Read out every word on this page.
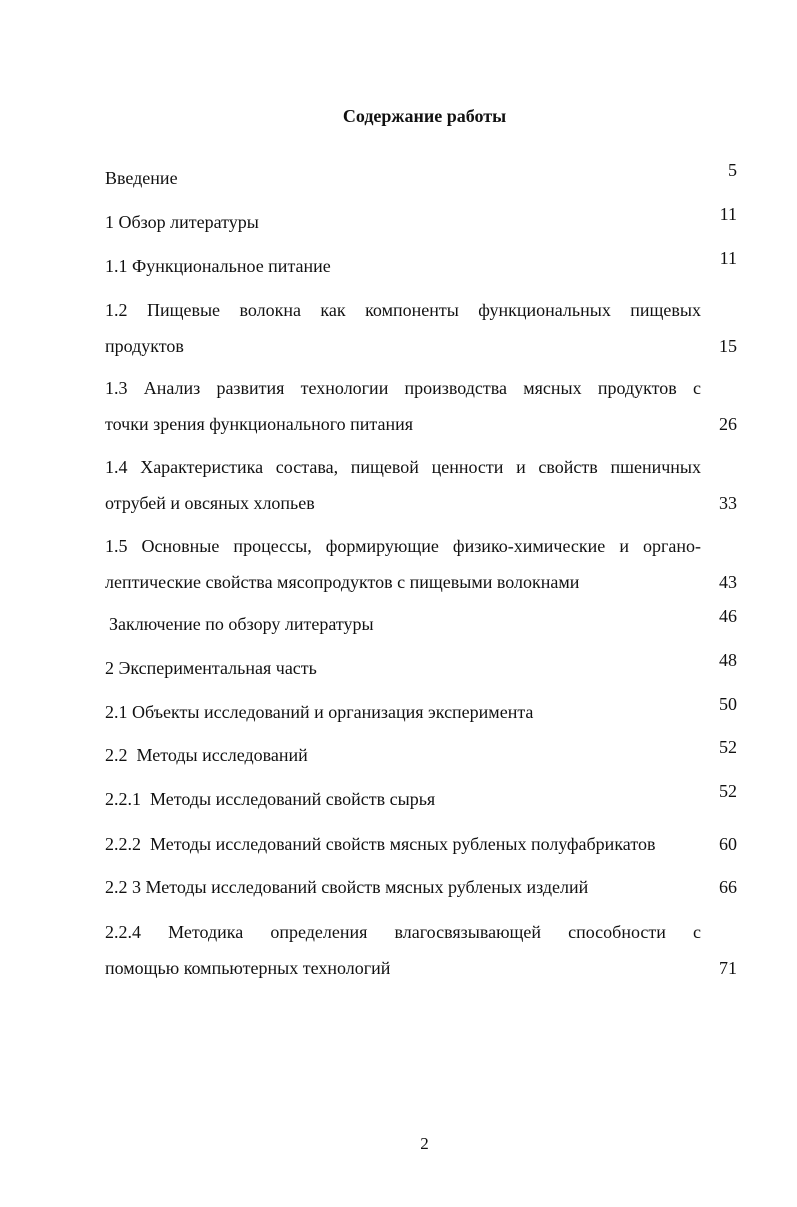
Содержание работы
Введение	5
1 Обзор литературы	11
1.1 Функциональное питание	11
1.2 Пищевые волокна как компоненты функциональных пищевых
продуктов	15
1.3 Анализ развития технологии производства мясных продуктов с
точки зрения функционального питания	26
1.4 Характеристика состава, пищевой ценности и свойств пшеничных
отрубей и овсяных хлопьев	33
1.5 Основные процессы, формирующие физико-химические и органо-
лептические свойства мясопродуктов с пищевыми волокнами	43
Заключение по обзору литературы	46
2 Экспериментальная часть	48
2.1 Объекты исследований и организация эксперимента	50
2.2  Методы исследований	52
2.2.1  Методы исследований свойств сырья	52
2.2.2  Методы исследований свойств мясных рубленых полуфабрикатов	60
2.2 3 Методы исследований свойств мясных рубленых изделий	66
2.2.4 Методика определения влагосвязывающей способности с
помощью компьютерных технологий	71
2
